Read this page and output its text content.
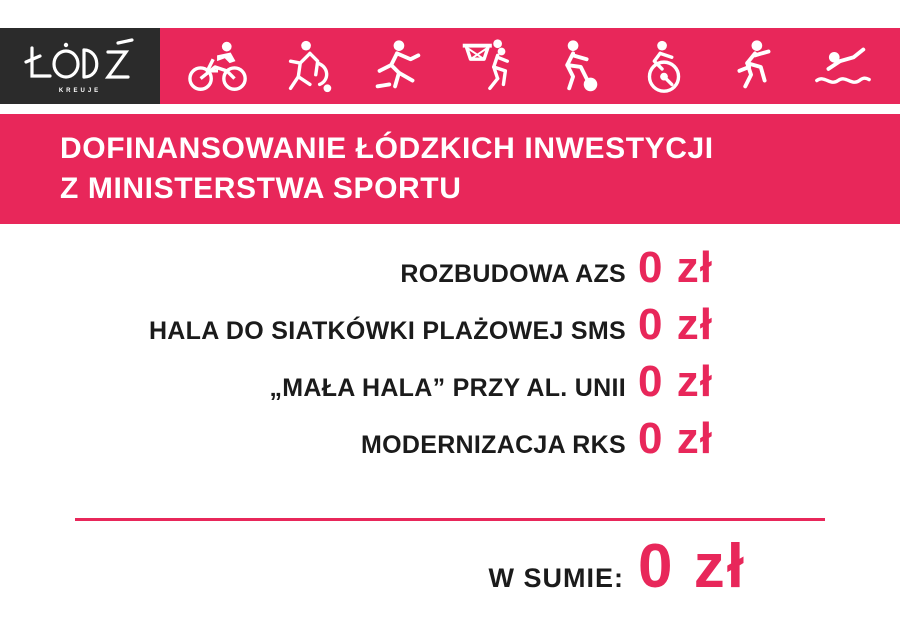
KREUJE
DOFINANSOWANIE ŁÓDZKICH INWESTYCJI
Z MINISTERSTWA SPORTU
ROZBUDOWA AZS 0 zł
HALA DO SIATKÓWKI PLAŻOWEJ SMS 0 zł
„MAŁA HALA” PRZY AL. UNII 0 zł
MODERNIZACJA RKS 0 zł
W SUMIE: 0 zł
